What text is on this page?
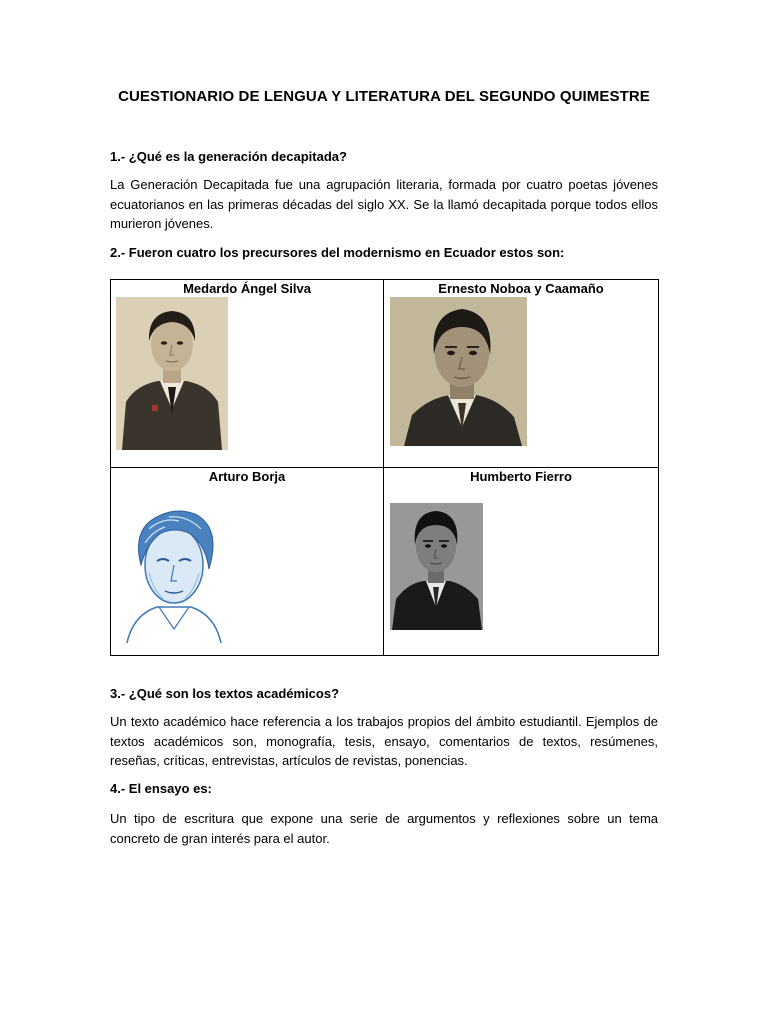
CUESTIONARIO DE LENGUA Y LITERATURA DEL SEGUNDO QUIMESTRE
1.- ¿Qué es la generación decapitada?
La Generación Decapitada fue una agrupación literaria, formada por cuatro poetas jóvenes ecuatorianos en las primeras décadas del siglo XX. Se la llamó decapitada porque todos ellos murieron jóvenes.
2.- Fueron cuatro los precursores del modernismo en Ecuador estos son:
Medardo Ángel Silva	Ernesto Noboa y Caamaño
Arturo Borja	Humberto Fierro
3.- ¿Qué son los textos académicos?
Un texto académico hace referencia a los trabajos propios del ámbito estudiantil. Ejemplos de textos académicos son, monografía, tesis, ensayo, comentarios de textos, resúmenes, reseñas, críticas, entrevistas, artículos de revistas, ponencias.
4.- El ensayo es:
Un tipo de escritura que expone una serie de argumentos y reflexiones sobre un tema concreto de gran interés para el autor.
